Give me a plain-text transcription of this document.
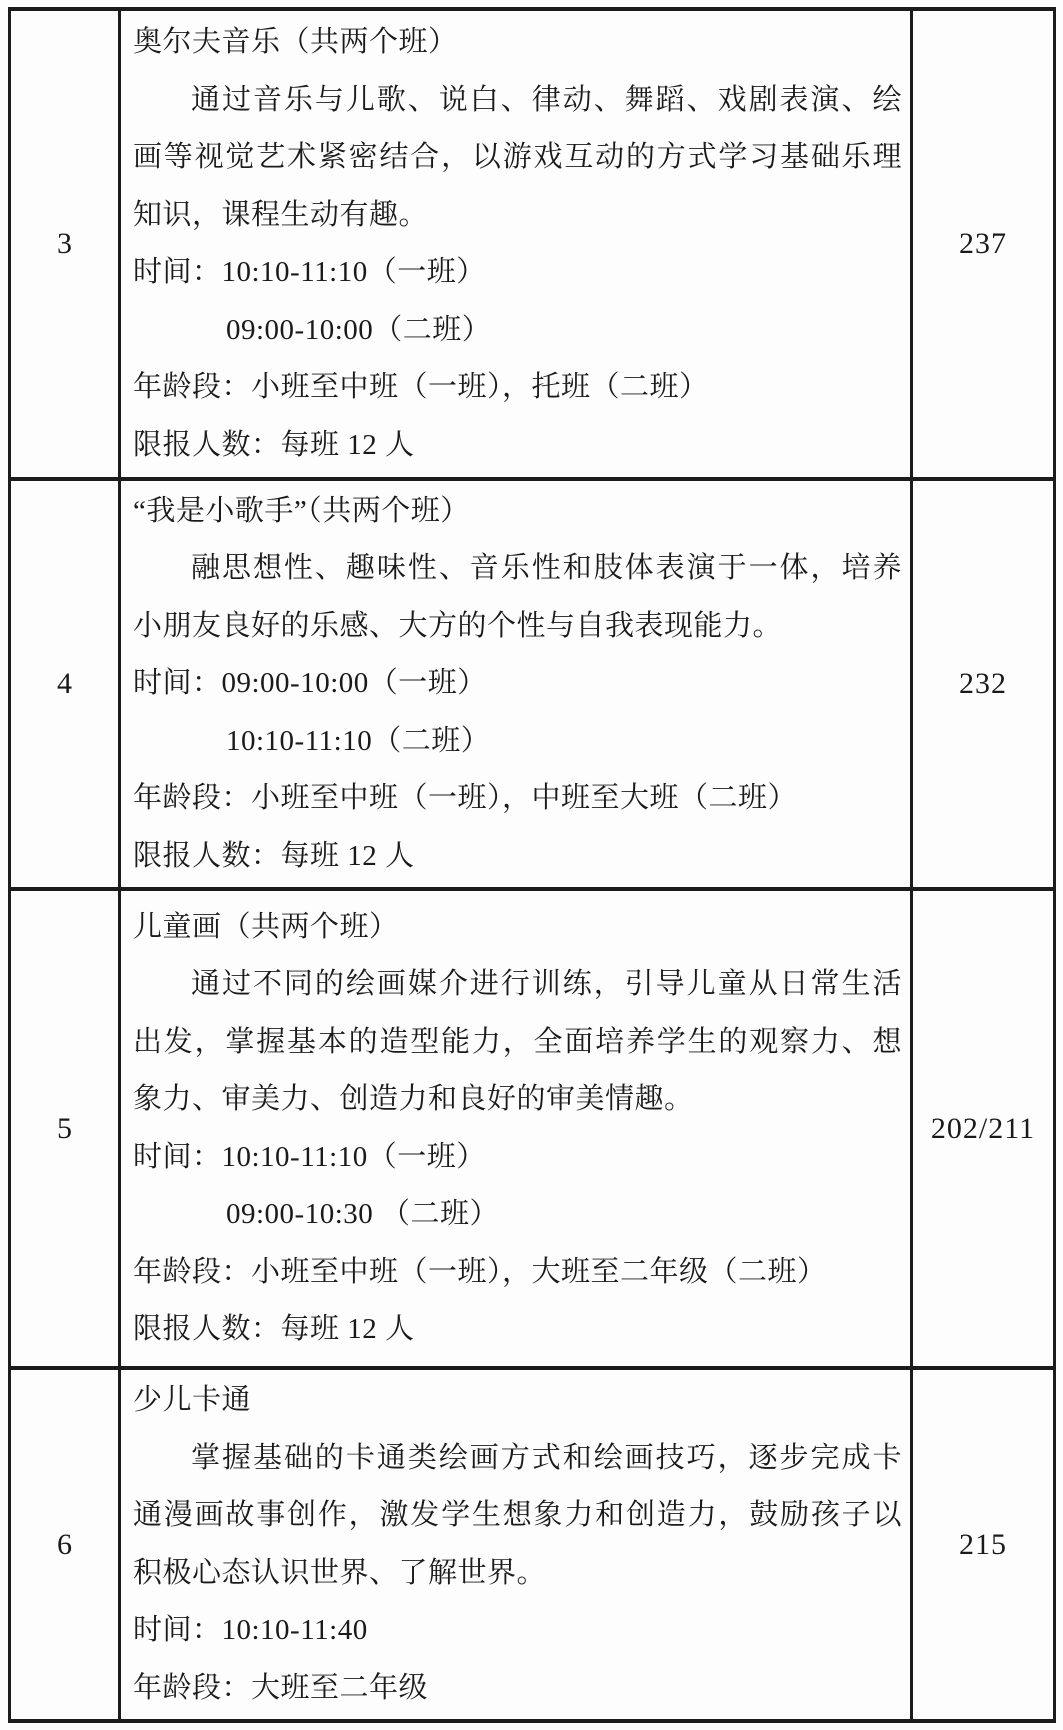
3
奥尔夫音乐（共两个班）
通过音乐与儿歌、说白、律动、舞蹈、戏剧表演、绘
画等视觉艺术紧密结合，以游戏互动的方式学习基础乐理
知识，课程生动有趣。
时间：10:10-11:10（一班）
09:00-10:00（二班）
年龄段：小班至中班（一班），托班（二班）
限报人数：每班 12 人
237
4
“我是小歌手”（共两个班）
融思想性、趣味性、音乐性和肢体表演于一体，培养
小朋友良好的乐感、大方的个性与自我表现能力。
时间：09:00-10:00（一班）
10:10-11:10（二班）
年龄段：小班至中班（一班），中班至大班（二班）
限报人数：每班 12 人
232
5
儿童画（共两个班）
通过不同的绘画媒介进行训练，引导儿童从日常生活
出发，掌握基本的造型能力，全面培养学生的观察力、想
象力、审美力、创造力和良好的审美情趣。
时间：10:10-11:10（一班）
09:00-10:30 （二班）
年龄段：小班至中班（一班），大班至二年级（二班）
限报人数：每班 12 人
202/211
6
少儿卡通
掌握基础的卡通类绘画方式和绘画技巧，逐步完成卡
通漫画故事创作，激发学生想象力和创造力，鼓励孩子以
积极心态认识世界、了解世界。
时间：10:10-11:40
年龄段：大班至二年级
215
